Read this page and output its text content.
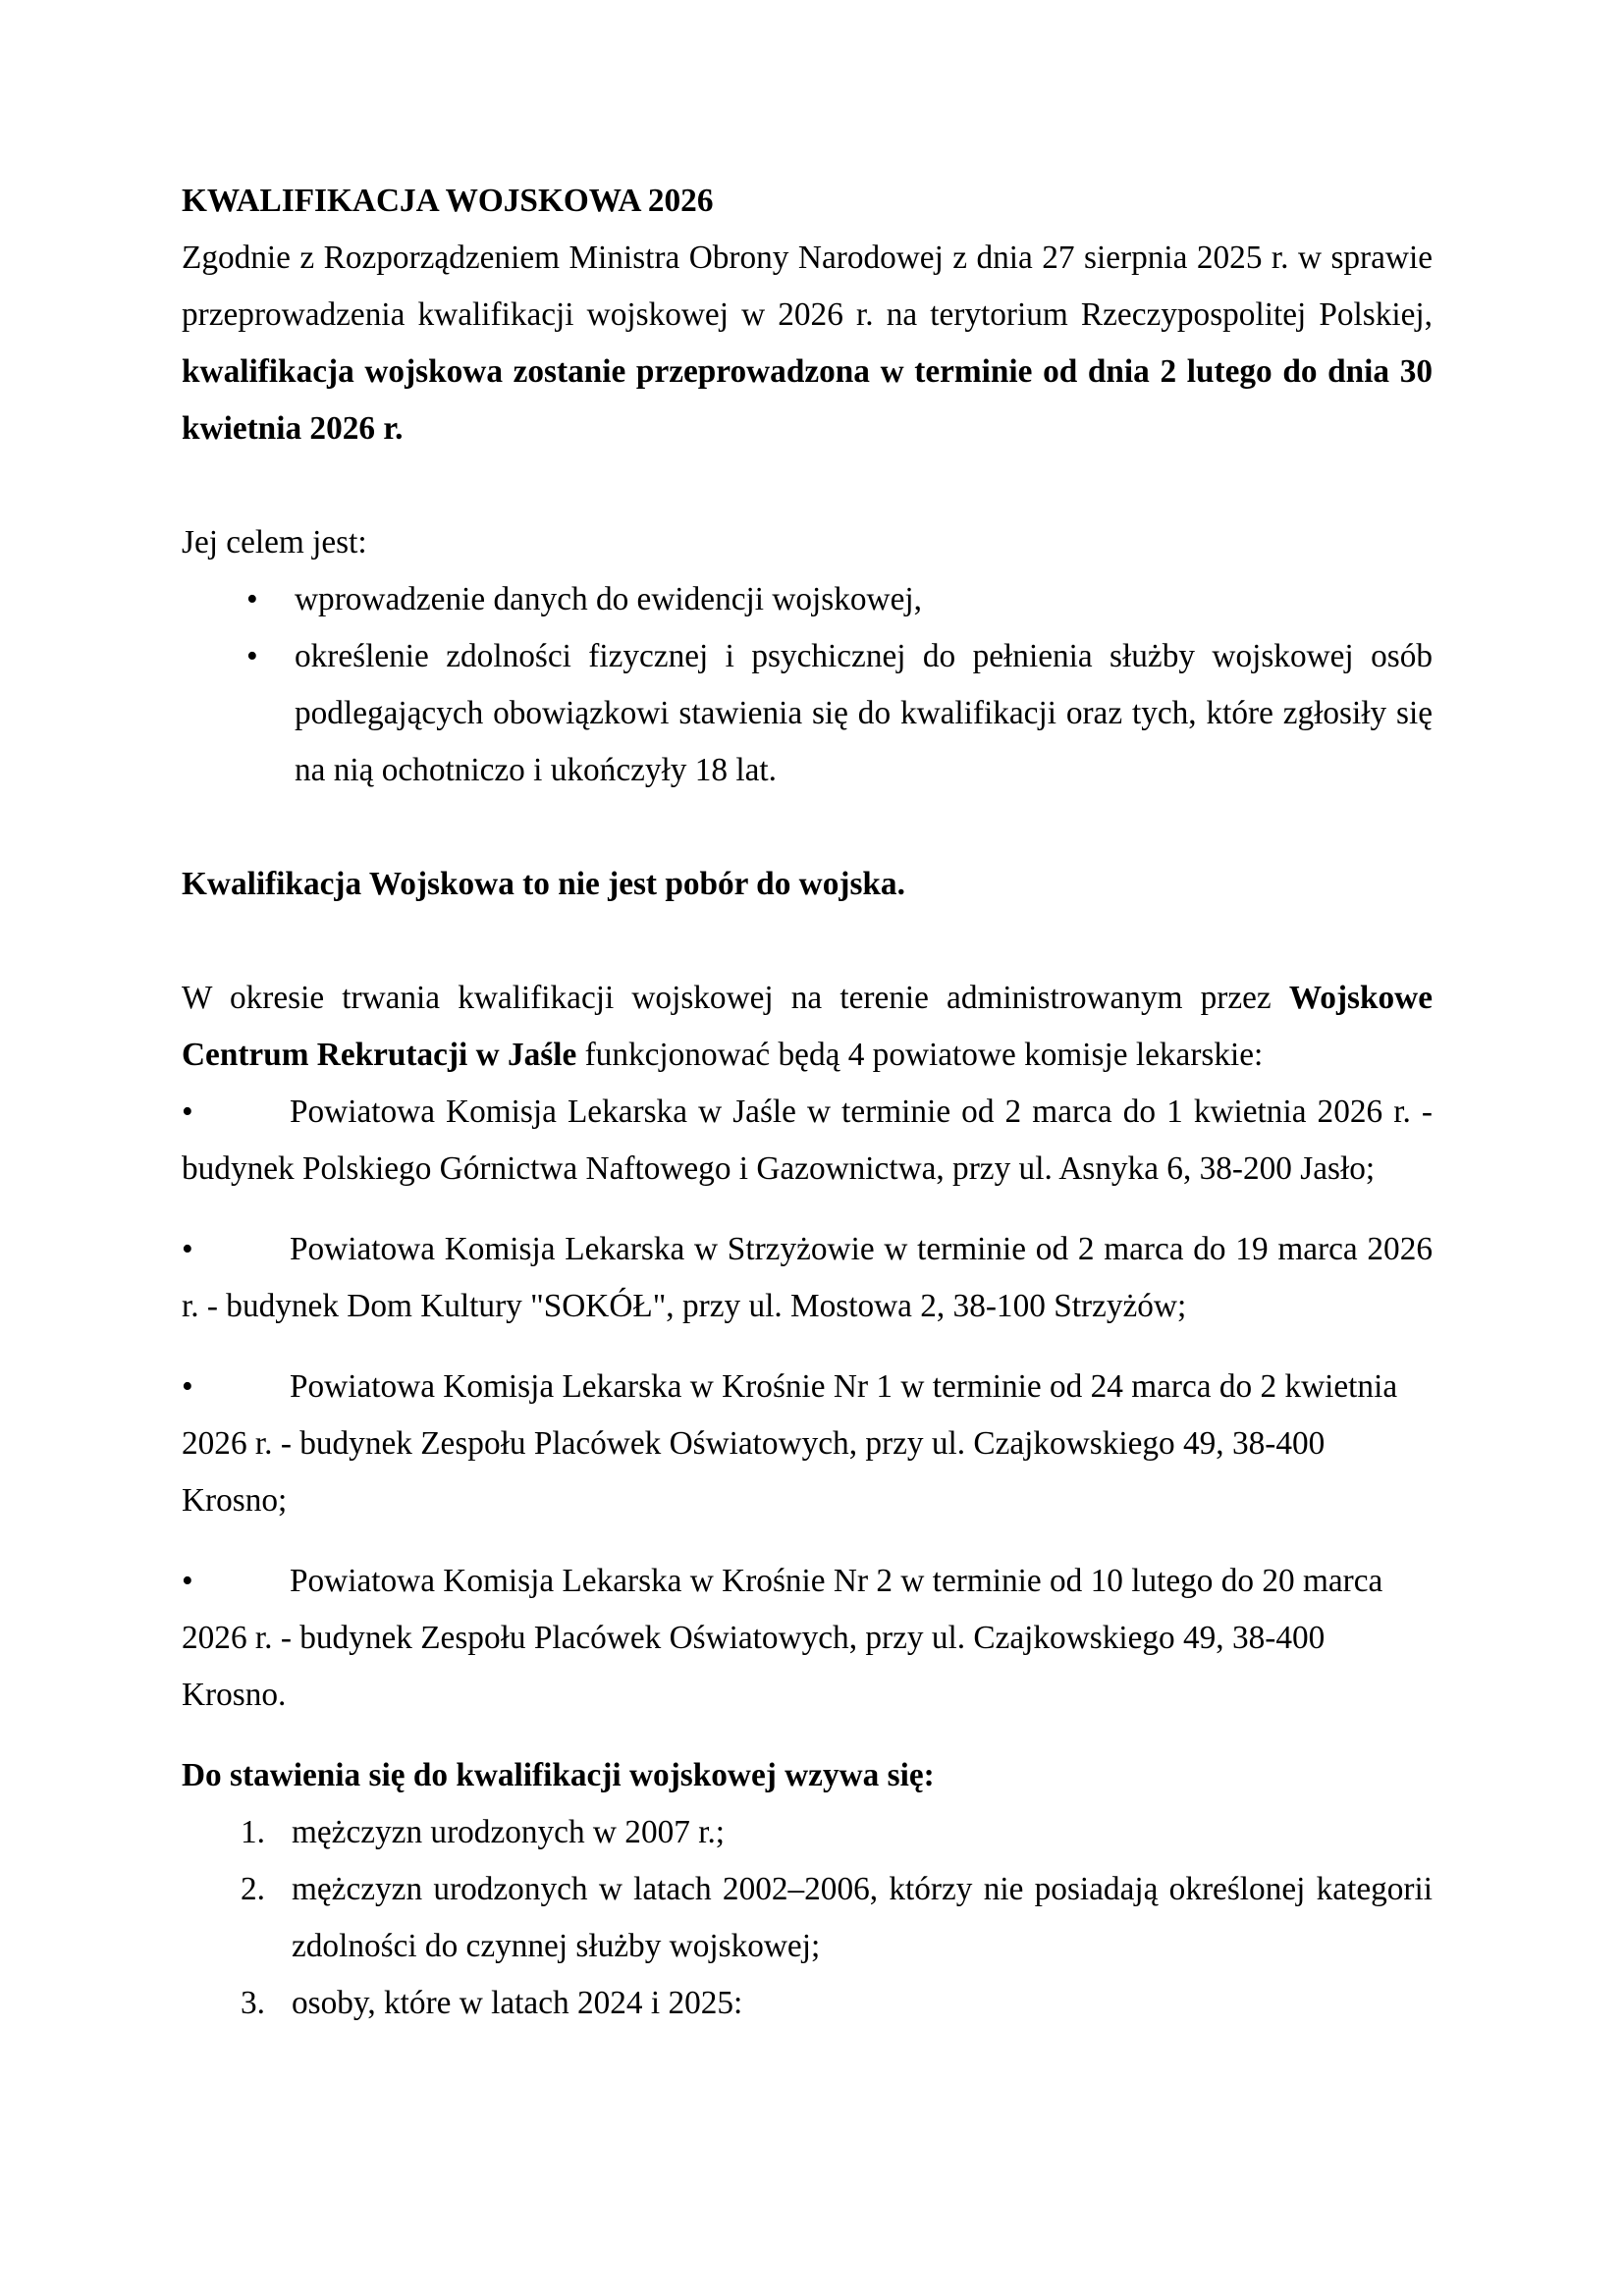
KWALIFIKACJA WOJSKOWA 2026

Zgodnie z Rozporządzeniem Ministra Obrony Narodowej z dnia 27 sierpnia 2025 r. w sprawie przeprowadzenia kwalifikacji wojskowej w 2026 r. na terytorium Rzeczypospolitej Polskiej, kwalifikacja wojskowa zostanie przeprowadzona w terminie od dnia 2 lutego do dnia 30 kwietnia 2026 r.

Jej celem jest:

• wprowadzenie danych do ewidencji wojskowej,
• określenie zdolności fizycznej i psychicznej do pełnienia służby wojskowej osób podlegających obowiązkowi stawienia się do kwalifikacji oraz tych, które zgłosiły się na nią ochotniczo i ukończyły 18 lat.

Kwalifikacja Wojskowa to nie jest pobór do wojska.

W okresie trwania kwalifikacji wojskowej na terenie administrowanym przez Wojskowe Centrum Rekrutacji w Jaśle funkcjonować będą 4 powiatowe komisje lekarskie:

•	Powiatowa Komisja Lekarska w Jaśle w terminie od 2 marca do 1 kwietnia 2026 r. - budynek Polskiego Górnictwa Naftowego i Gazownictwa, przy ul. Asnyka 6, 38-200 Jasło;

•	Powiatowa Komisja Lekarska w Strzyżowie w terminie od 2 marca do 19 marca 2026 r. - budynek Dom Kultury "SOKÓŁ", przy ul. Mostowa 2, 38-100 Strzyżów;

•	Powiatowa Komisja Lekarska w Krośnie Nr 1 w terminie od 24 marca do 2 kwietnia 2026 r. - budynek Zespołu Placówek Oświatowych, przy ul. Czajkowskiego 49, 38-400 Krosno;

•	Powiatowa Komisja Lekarska w Krośnie Nr 2 w terminie od 10 lutego do 20 marca 2026 r. - budynek Zespołu Placówek Oświatowych, przy ul. Czajkowskiego 49, 38-400 Krosno.

Do stawienia się do kwalifikacji wojskowej wzywa się:

1. mężczyzn urodzonych w 2007 r.;
2. mężczyzn urodzonych w latach 2002–2006, którzy nie posiadają określonej kategorii zdolności do czynnej służby wojskowej;
3. osoby, które w latach 2024 i 2025:
